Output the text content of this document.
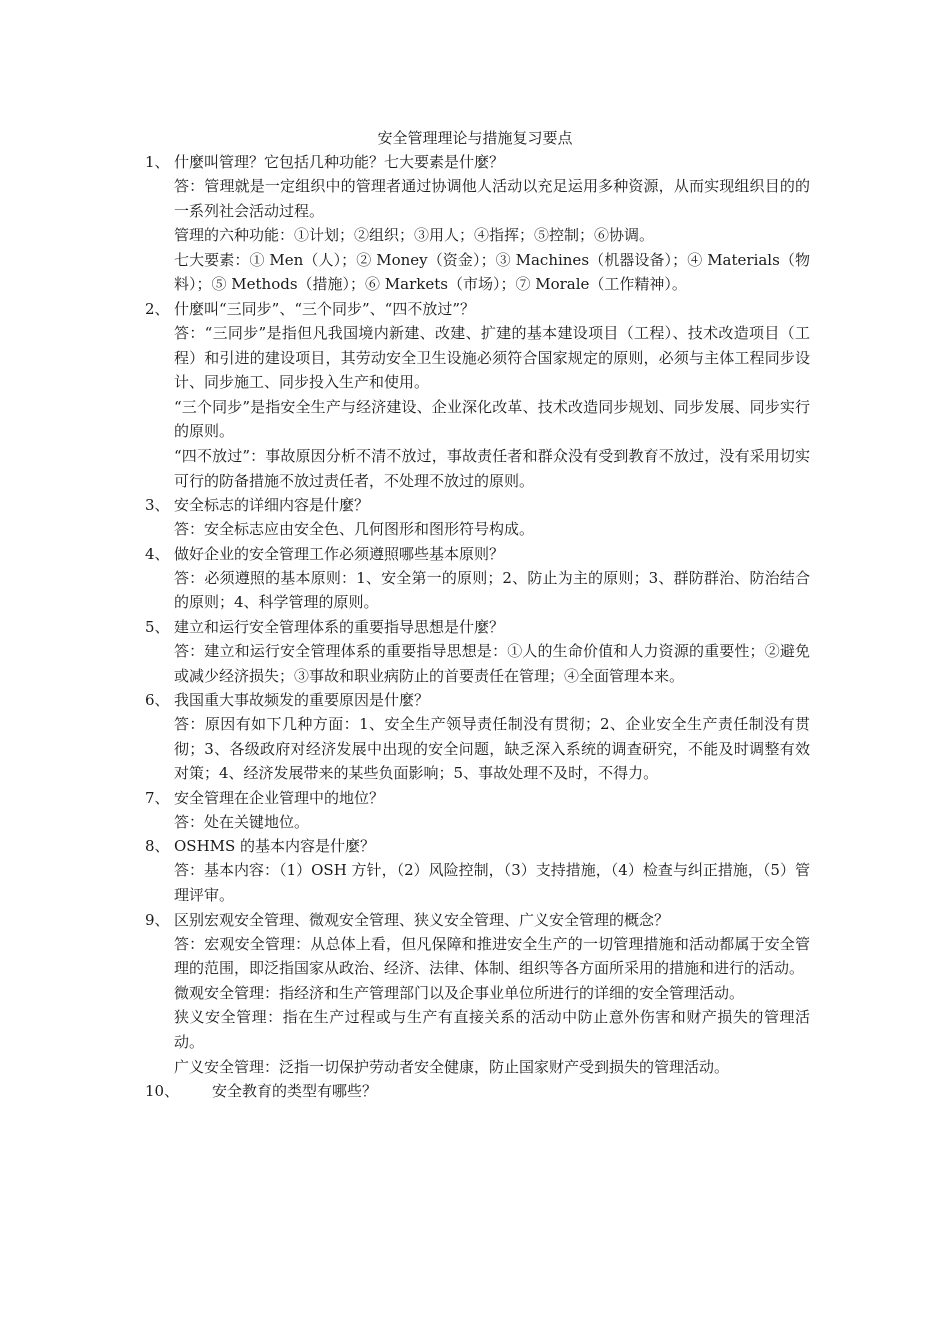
安全管理理论与措施复习要点
1、 什麼叫管理？它包括几种功能？七大要素是什麼？

答：管理就是一定组织中的管理者通过协调他人活动以充足运用多种资源，从而实现组织目的的一系列社会活动过程。

管理的六种功能：①计划；②组织；③用人；④指挥；⑤控制；⑥协调。

七大要素：① Men（人）；② Money（资金）；③ Machines（机器设备）；④ Materials（物料）；⑤ Methods（措施）；⑥ Markets（市场）；⑦ Morale（工作精神）。

2、 什麼叫“三同步”、“三个同步”、“四不放过”？

答：“三同步”是指但凡我国境内新建、改建、扩建的基本建设项目（工程）、技术改造项目（工程）和引进的建设项目，其劳动安全卫生设施必须符合国家规定的原则，必须与主体工程同步设计、同步施工、同步投入生产和使用。

“三个同步”是指安全生产与经济建设、企业深化改革、技术改造同步规划、同步发展、同步实行的原则。

“四不放过”：事故原因分析不清不放过，事故责任者和群众没有受到教育不放过，没有采用切实可行的防备措施不放过责任者，不处理不放过的原则。

3、 安全标志的详细内容是什麼？

答：安全标志应由安全色、几何图形和图形符号构成。

4、 做好企业的安全管理工作必须遵照哪些基本原则？

答：必须遵照的基本原则：1、安全第一的原则；2、防止为主的原则；3、群防群治、防治结合的原则；4、科学管理的原则。

5、 建立和运行安全管理体系的重要指导思想是什麼？

答：建立和运行安全管理体系的重要指导思想是：①人的生命价值和人力资源的重要性；②避免或减少经济损失；③事故和职业病防止的首要责任在管理；④全面管理本来。

6、 我国重大事故频发的重要原因是什麼？

答：原因有如下几种方面：1、安全生产领导责任制没有贯彻；2、企业安全生产责任制没有贯彻；3、各级政府对经济发展中出现的安全问题，缺乏深入系统的调查研究，不能及时调整有效对策；4、经济发展带来的某些负面影响；5、事故处理不及时，不得力。

7、 安全管理在企业管理中的地位？

答：处在关键地位。

8、 OSHMS 的基本内容是什麼？

答：基本内容：（1）OSH 方针，（2）风险控制，（3）支持措施，（4）检查与纠正措施，（5）管理评审。

9、 区别宏观安全管理、微观安全管理、狭义安全管理、广义安全管理的概念？

答：宏观安全管理：从总体上看，但凡保障和推进安全生产的一切管理措施和活动都属于安全管理的范围，即泛指国家从政治、经济、法律、体制、组织等各方面所采用的措施和进行的活动。

微观安全管理：指经济和生产管理部门以及企事业单位所进行的详细的安全管理活动。

狭义安全管理：指在生产过程或与生产有直接关系的活动中防止意外伤害和财产损失的管理活动。

广义安全管理：泛指一切保护劳动者安全健康，防止国家财产受到损失的管理活动。

10、 安全教育的类型有哪些？
